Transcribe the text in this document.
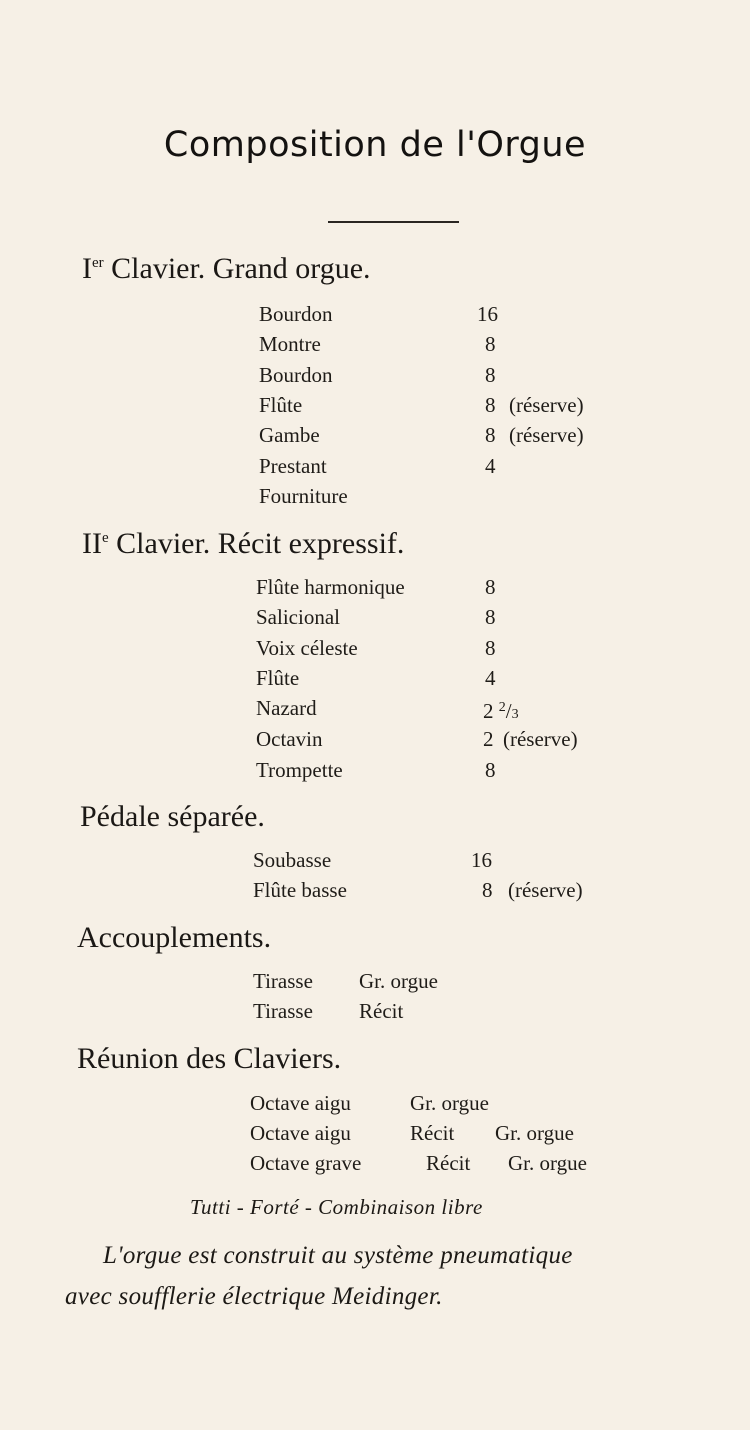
Composition de l'Orgue
Ier Clavier. Grand orgue.
Bourdon	16
Montre	8
Bourdon	8
Flûte	8 (réserve)
Gambe	8 (réserve)
Prestant	4
Fourniture
IIe Clavier. Récit expressif.
Flûte harmonique	8
Salicional	8
Voix céleste	8
Flûte	4
Nazard	2 $^2$/3
Octavin	2 (réserve)
Trompette	8
Pédale séparée.
Soubasse	16
Flûte basse	8 (réserve)
Accouplements.
Tirasse Gr. orgue
Tirasse Récit
Réunion des Claviers.
Octave aigu	Gr. orgue
Octave aigu	Récit Gr. orgue
Octave grave	Récit Gr. orgue
Tutti - Forté - Combinaison libre
L'orgue est construit au système pneumatique
avec soufflerie électrique Meidinger.
